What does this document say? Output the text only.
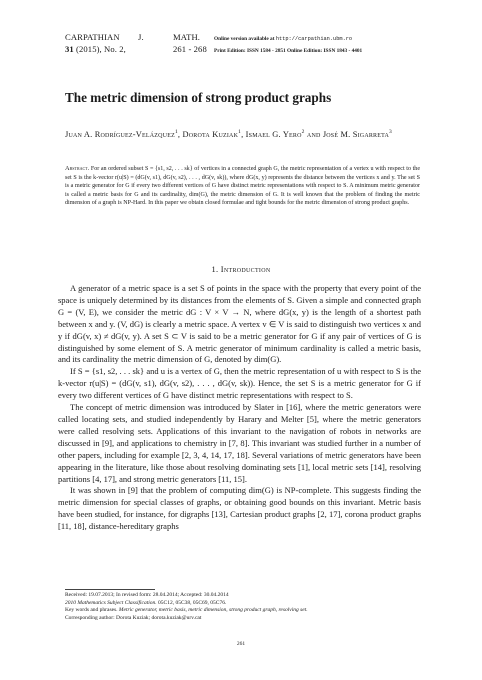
CARPATHIAN	J.	MATH.
31 (2015), No. 2,	261 - 268
Online version available at http://carpathian.ubm.ro
Print Edition: ISSN 1584 - 2851 Online Edition: ISSN 1843 - 4401
The metric dimension of strong product graphs
Juan A. Rodríguez-Velázquez$^1$, Dorota Kuziak$^1$, Ismael G. Yero$^2$ and José M. Sigarreta$^3$
Abstract. For an ordered subset S = {s1, s2, . . . sk} of vertices in a connected graph G, the metric representation of a vertex u with respect to the set S is the k-vector r(u|S) = (dG(v, s1), dG(v, s2), . . . , dG(v, sk)), where dG(x, y) represents the distance between the vertices x and y. The set S is a metric generator for G if every two different vertices of G have distinct metric representations with respect to S. A minimum metric generator is called a metric basis for G and its cardinality, dim(G), the metric dimension of G. It is well known that the problem of finding the metric dimension of a graph is NP-Hard. In this paper we obtain closed formulae and tight bounds for the metric dimension of strong product graphs.
1. Introduction

A generator of a metric space is a set S of points in the space with the property that every point of the space is uniquely determined by its distances from the elements of S. Given a simple and connected graph G = (V, E), we consider the metric dG : V × V → N, where dG(x, y) is the length of a shortest path between x and y. (V, dG) is clearly a metric space. A vertex v ∈ V is said to distinguish two vertices x and y if dG(v, x) ≠ dG(v, y). A set S ⊂ V is said to be a metric generator for G if any pair of vertices of G is distinguished by some element of S. A metric generator of minimum cardinality is called a metric basis, and its cardinality the metric dimension of G, denoted by dim(G).

If S = {s1, s2, . . . sk} and u is a vertex of G, then the metric representation of u with respect to S is the k-vector r(u|S) = (dG(v, s1), dG(v, s2), . . . , dG(v, sk)). Hence, the set S is a metric generator for G if every two different vertices of G have distinct metric representations with respect to S.

The concept of metric dimension was introduced by Slater in [16], where the metric generators were called locating sets, and studied independently by Harary and Melter [5], where the metric generators were called resolving sets. Applications of this invariant to the navigation of robots in networks are discussed in [9], and applications to chemistry in [7, 8]. This invariant was studied further in a number of other papers, including for example [2, 3, 4, 14, 17, 18]. Several variations of metric generators have been appearing in the literature, like those about resolving dominating sets [1], local metric sets [14], resolving partitions [4, 17], and strong metric generators [11, 15].

It was shown in [9] that the problem of computing dim(G) is NP-complete. This suggests finding the metric dimension for special classes of graphs, or obtaining good bounds on this invariant. Metric basis have been studied, for instance, for digraphs [13], Cartesian product graphs [2, 17], corona product graphs [11, 18], distance-hereditary graphs

Received: 19.07.2013; In revised form: 28.04.2014; Accepted: 30.04.2014
2010 Mathematics Subject Classification. 05C12, 05C38, 05C69, 05C76.
Key words and phrases. Metric generator, metric basis, metric dimension, strong product graph, resolving set.
Corresponding author: Dorota Kuziak; dorota.kuziak@urv.cat
261
